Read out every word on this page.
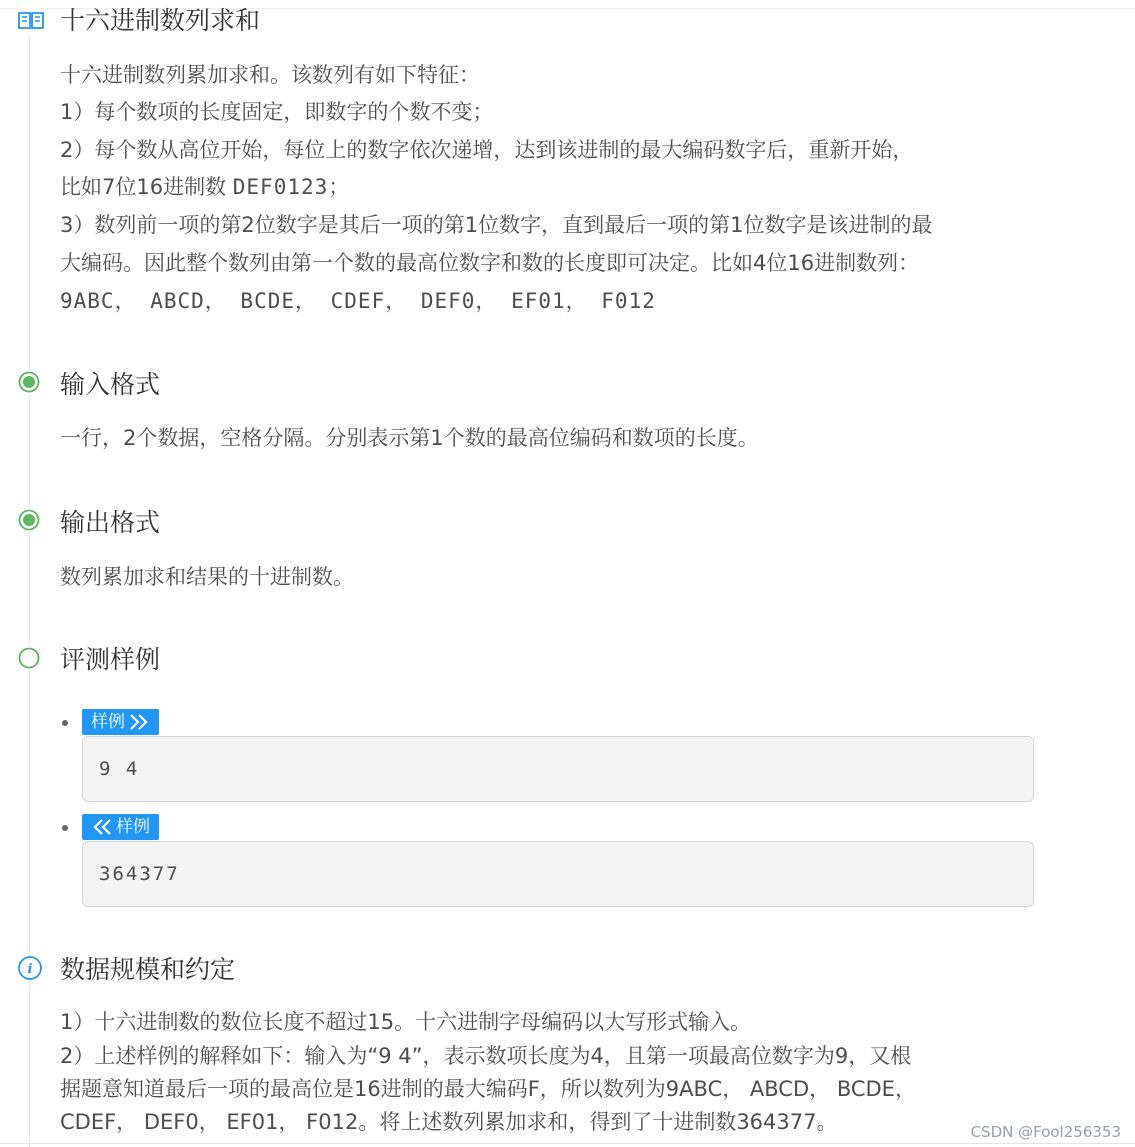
十六进制数列求和
十六进制数列累加求和。该数列有如下特征：
1）每个数项的长度固定，即数字的个数不变；
2）每个数从高位开始，每位上的数字依次递增，达到该进制的最大编码数字后，重新开始，
比如7位16进制数 DEF0123；
3）数列前一项的第2位数字是其后一项的第1位数字，直到最后一项的第1位数字是该进制的最
大编码。因此整个数列由第一个数的最高位数字和数的长度即可决定。比如4位16进制数列：
9ABC， ABCD， BCDE， CDEF， DEF0， EF01， F012
输入格式
一行，2个数据，空格分隔。分别表示第1个数的最高位编码和数项的长度。
输出格式
数列累加求和结果的十进制数。
评测样例
样例
9 4
样例
364377
i 数据规模和约定
1）十六进制数的数位长度不超过15。十六进制字母编码以大写形式输入。
2）上述样例的解释如下：输入为“9 4”，表示数项长度为4，且第一项最高位数字为9，又根
据题意知道最后一项的最高位是16进制的最大编码F，所以数列为9ABC， ABCD， BCDE，
CDEF， DEF0， EF01， F012。将上述数列累加求和，得到了十进制数364377。	CSDN @Fool256353
